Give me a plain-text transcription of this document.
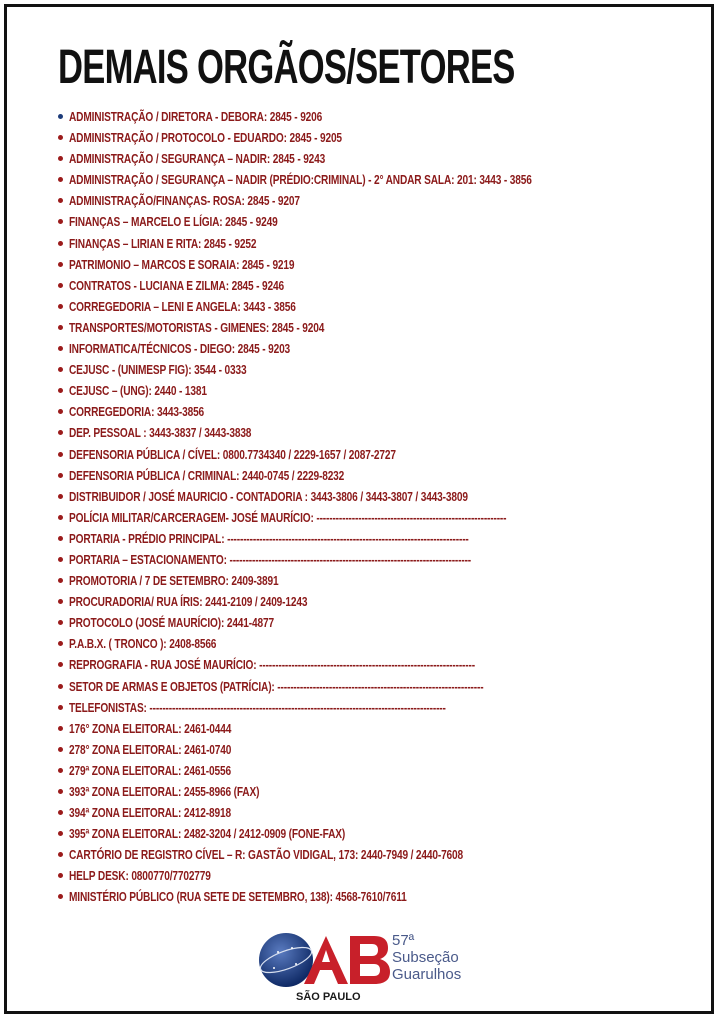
DEMAIS ORGÃOS/SETORES
ADMINISTRAÇÃO / DIRETORA - DEBORA: 2845 - 9206
ADMINISTRAÇÃO / PROTOCOLO - EDUARDO: 2845 - 9205
ADMINISTRAÇÃO / SEGURANÇA – NADIR: 2845 - 9243
ADMINISTRAÇÃO / SEGURANÇA – NADIR (PRÉDIO:CRIMINAL) - 2° ANDAR SALA: 201: 3443 - 3856
ADMINISTRAÇÃO/FINANÇAS- ROSA: 2845 - 9207
FINANÇAS – MARCELO E LÍGIA: 2845 - 9249
FINANÇAS – LIRIAN E RITA: 2845 - 9252
PATRIMONIO – MARCOS E SORAIA: 2845 - 9219
CONTRATOS - LUCIANA E ZILMA: 2845 - 9246
CORREGEDORIA – LENI E ANGELA: 3443 - 3856
TRANSPORTES/MOTORISTAS - GIMENES: 2845 - 9204
INFORMATICA/TÉCNICOS - DIEGO: 2845 - 9203
CEJUSC - (UNIMESP FIG): 3544 - 0333
CEJUSC – (UNG): 2440 - 1381
CORREGEDORIA: 3443-3856
DEP. PESSOAL : 3443-3837 / 3443-3838
DEFENSORIA PÚBLICA / CÍVEL: 0800.7734340 / 2229-1657 / 2087-2727
DEFENSORIA PÚBLICA / CRIMINAL: 2440-0745 / 2229-8232
DISTRIBUIDOR / JOSÉ MAURICIO - CONTADORIA : 3443-3806 / 3443-3807 / 3443-3809
POLÍCIA MILITAR/CARCERAGEM- JOSÉ MAURÍCIO: -----------------------------------------------------------
PORTARIA - PRÉDIO PRINCIPAL: ---------------------------------------------------------------------------
PORTARIA – ESTACIONAMENTO: ---------------------------------------------------------------------------
PROMOTORIA / 7 DE SETEMBRO: 2409-3891
PROCURADORIA/ RUA ÍRIS: 2441-2109 / 2409-1243
PROTOCOLO (JOSÉ MAURÍCIO): 2441-4877
P.A.B.X. ( TRONCO ): 2408-8566
REPROGRAFIA - RUA JOSÉ MAURÍCIO: -------------------------------------------------------------------
SETOR DE ARMAS E OBJETOS (PATRÍCIA): ----------------------------------------------------------------
TELEFONISTAS: --------------------------------------------------------------------------------------------
176° ZONA ELEITORAL: 2461-0444
278° ZONA ELEITORAL: 2461-0740
279ª ZONA ELEITORAL: 2461-0556
393ª ZONA ELEITORAL: 2455-8966 (FAX)
394ª ZONA ELEITORAL: 2412-8918
395ª ZONA ELEITORAL: 2482-3204 / 2412-0909 (FONE-FAX)
CARTÓRIO DE REGISTRO CÍVEL – R: GASTÃO VIDIGAL, 173: 2440-7949 / 2440-7608
HELP DESK: 0800770/7702779
MINISTÉRIO PÚBLICO (RUA SETE DE SETEMBRO, 138): 4568-7610/7611
57ª
Subseção
Guarulhos
SÃO PAULO
